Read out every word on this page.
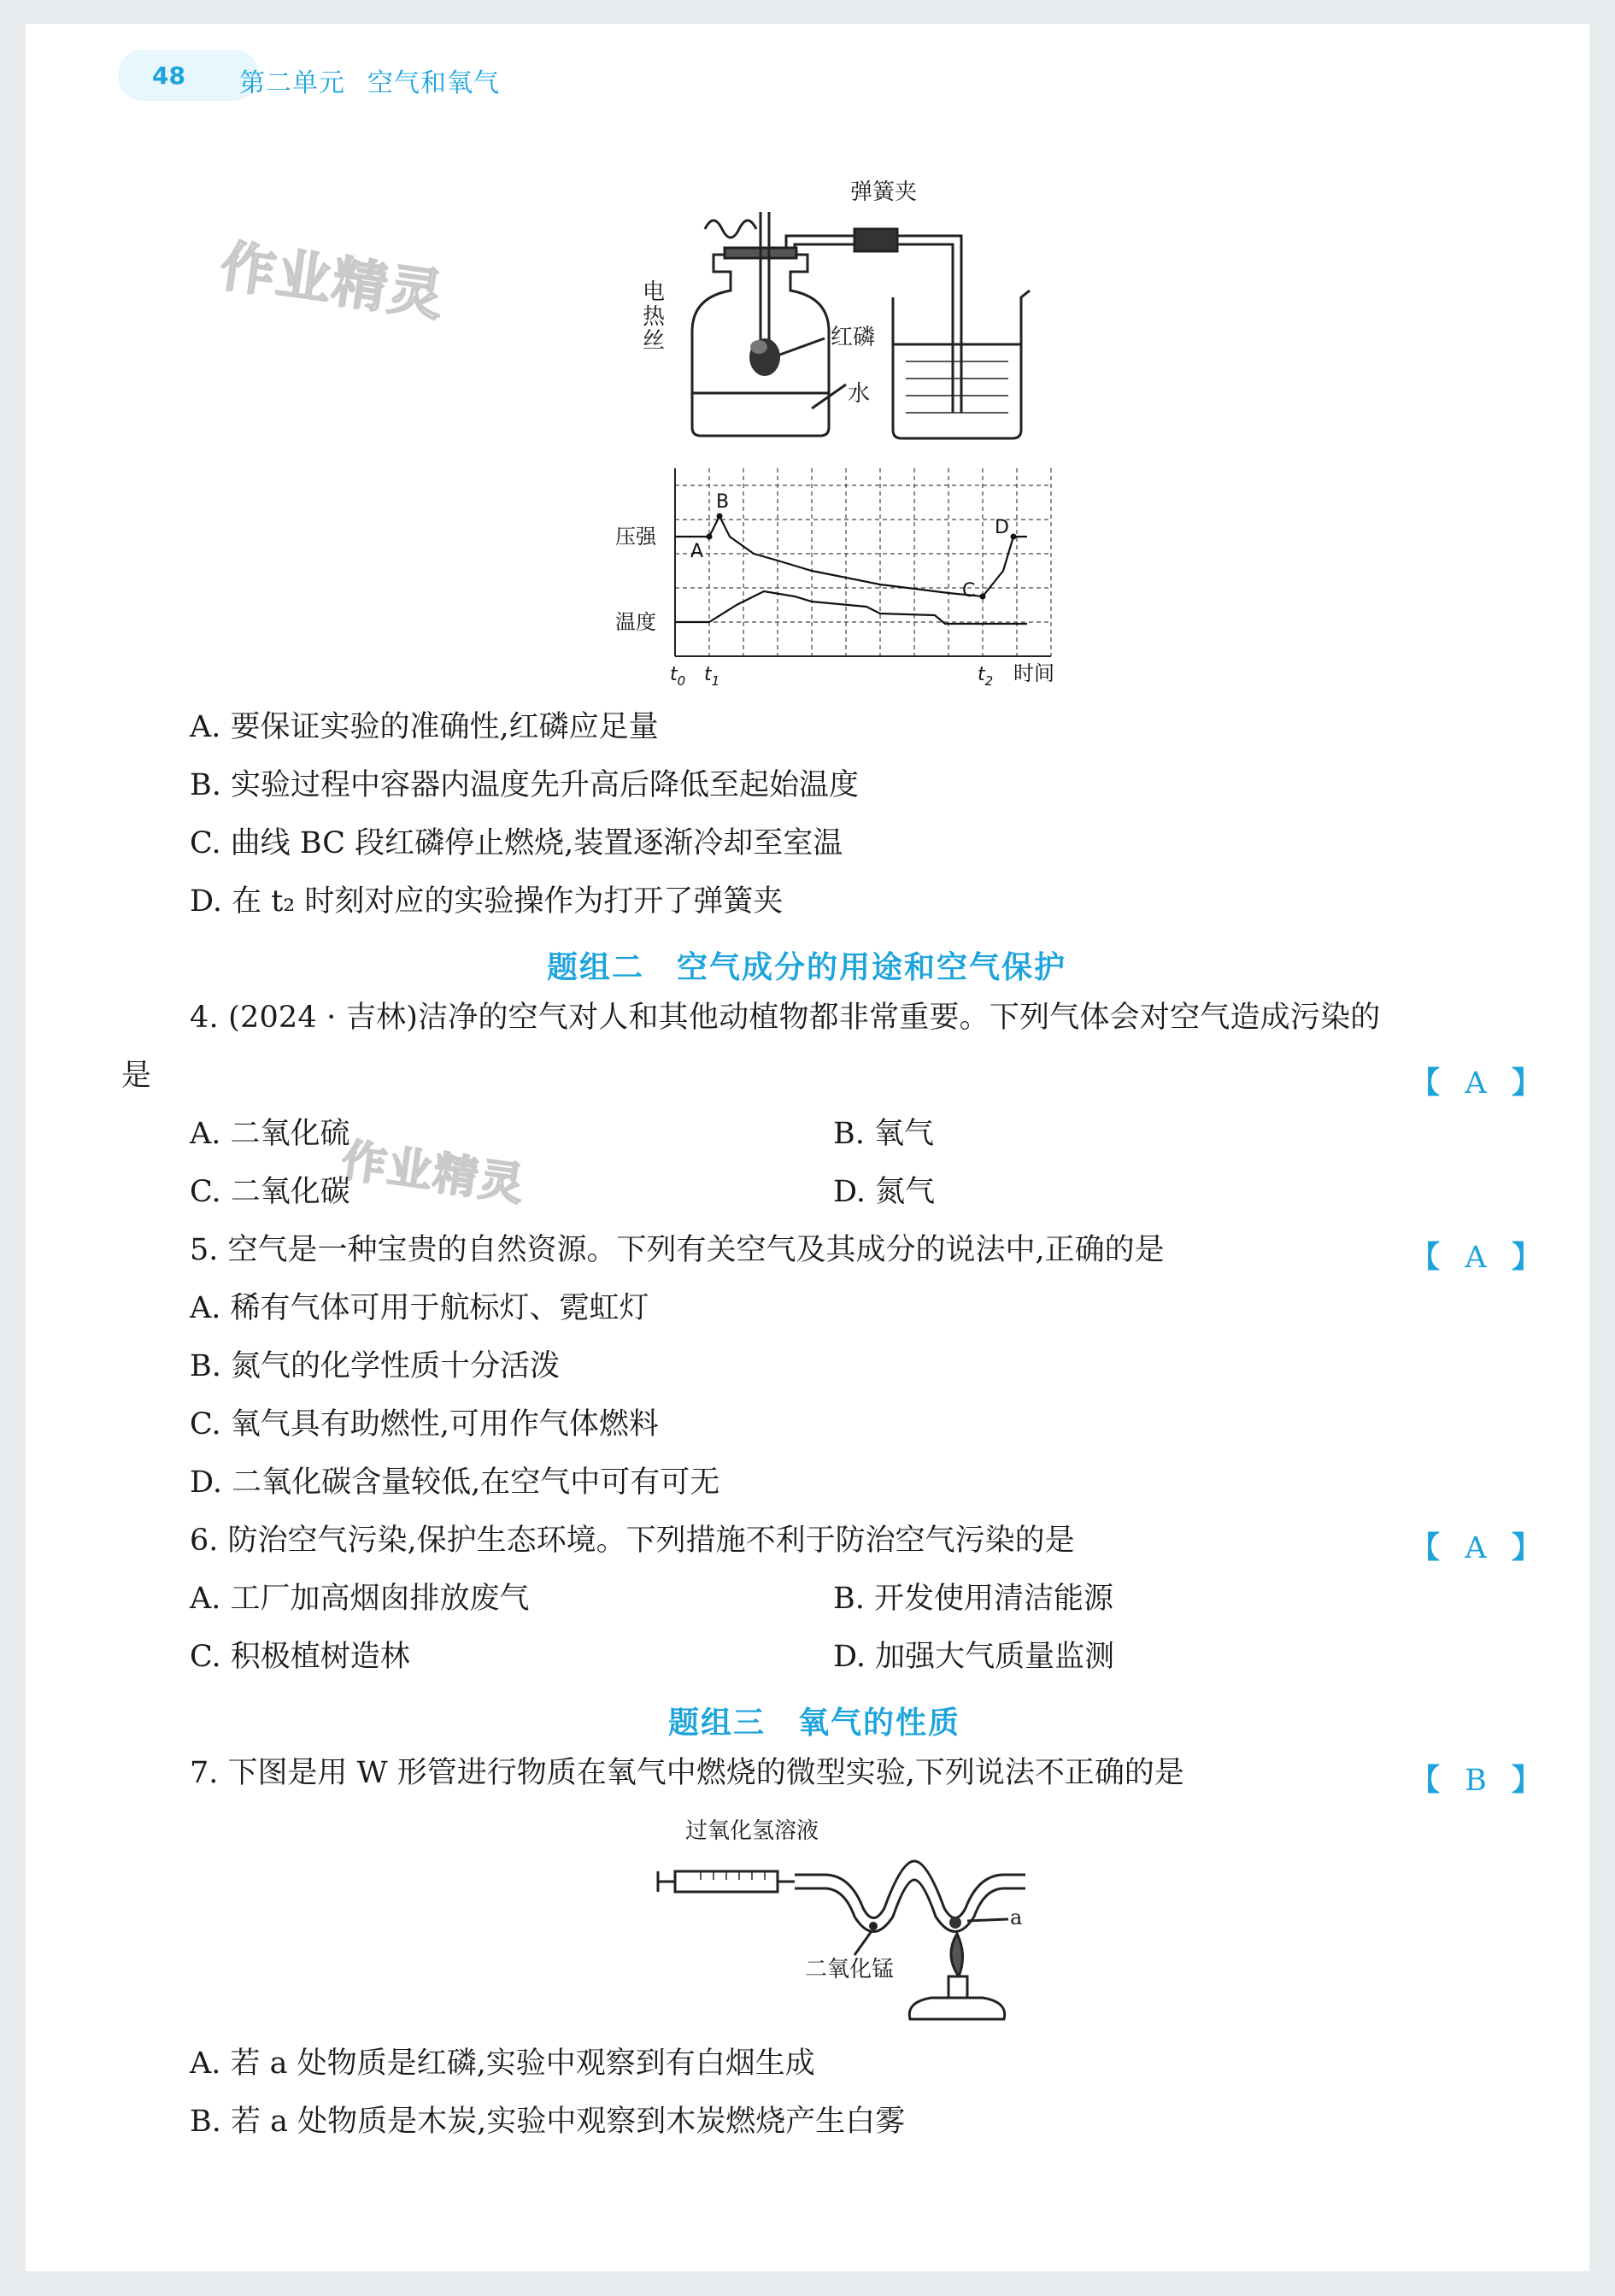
48 第二单元 空气和氧气
作业精灵
作业精灵
弹簧夹
电热丝	红磷
水
压强
温度
$t_0$ $t_1$	$t_2$ 时间
A
B
C
D
A. 要保证实验的准确性,红磷应足量
B. 实验过程中容器内温度先升高后降低至起始温度
C. 曲线 BC 段红磷停止燃烧,装置逐渐冷却至室温
D. 在 t₂ 时刻对应的实验操作为打开了弹簧夹
题组二　空气成分的用途和空气保护
4. (2024 · 吉林)洁净的空气对人和其他动植物都非常重要。下列气体会对空气造成污染的
是	【 A 】
A. 二氧化硫	B. 氧气
C. 二氧化碳	D. 氮气
5. 空气是一种宝贵的自然资源。下列有关空气及其成分的说法中,正确的是	【 A 】
A. 稀有气体可用于航标灯、霓虹灯
B. 氮气的化学性质十分活泼
C. 氧气具有助燃性,可用作气体燃料
D. 二氧化碳含量较低,在空气中可有可无
6. 防治空气污染,保护生态环境。下列措施不利于防治空气污染的是	【 A 】
A. 工厂加高烟囱排放废气	B. 开发使用清洁能源
C. 积极植树造林	D. 加强大气质量监测
题组三　氧气的性质
7. 下图是用 W 形管进行物质在氧气中燃烧的微型实验,下列说法不正确的是	【 B 】
过氧化氢溶液
二氧化锰
a
A. 若 a 处物质是红磷,实验中观察到有白烟生成
B. 若 a 处物质是木炭,实验中观察到木炭燃烧产生白雾
